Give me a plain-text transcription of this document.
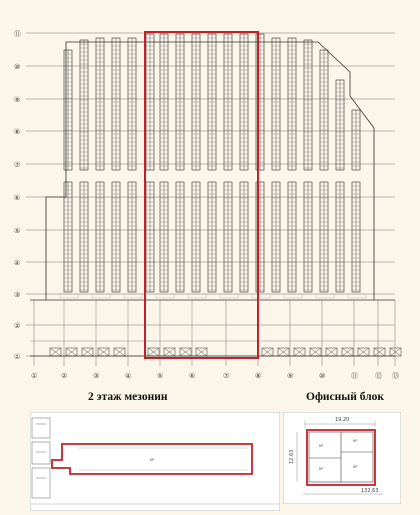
⑪
⑩
⑨
⑧
⑦
⑥
⑤
④
③
②
①
①	②	③	④	⑤	⑥	⑦	⑧	⑨	⑩	⑪ ⑫ ⑬
2 этаж мезонин	Офисный блок
м²
19.20
12.63
м²
м²
м²
м²
132.63
